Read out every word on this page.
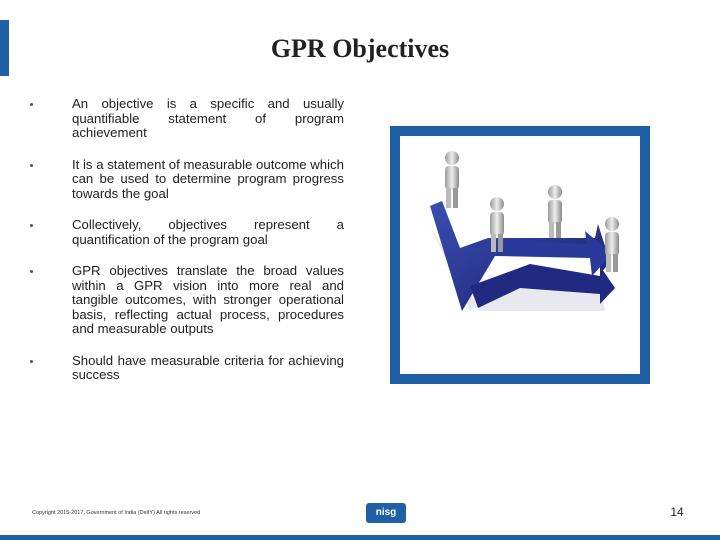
GPR Objectives
An objective is a specific and usually quantifiable statement of program achievement
It is a statement of measurable outcome which can be used to determine program progress towards the goal
Collectively, objectives represent a quantification of the program goal
GPR objectives translate the broad values within a GPR vision into more real and tangible outcomes, with stronger operational basis, reflecting actual process, procedures and measurable outputs
Should have measurable criteria for achieving success
Copyright 2015-2017, Government of India (DeitY) All rights reserved	nisg	14
